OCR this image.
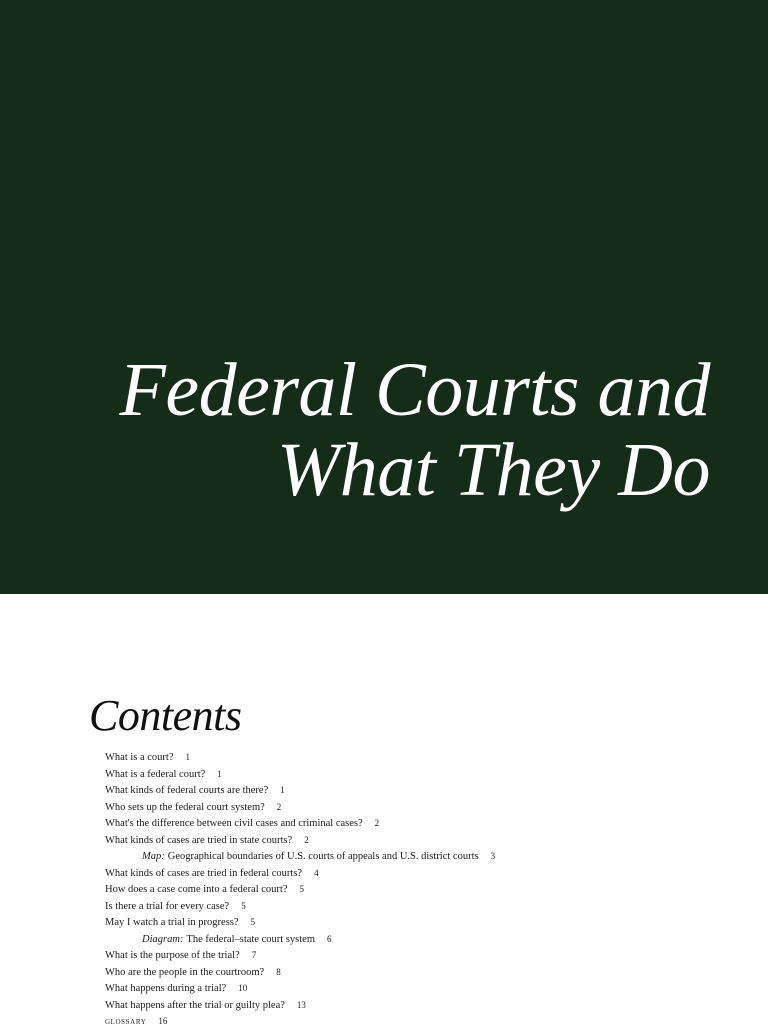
Federal Courts and
What They Do
Contents
What is a court? 1
What is a federal court? 1
What kinds of federal courts are there? 1
Who sets up the federal court system? 2
What's the difference between civil cases and criminal cases? 2
What kinds of cases are tried in state courts? 2
Map: Geographical boundaries of U.S. courts of appeals and U.S. district courts 3
What kinds of cases are tried in federal courts? 4
How does a case come into a federal court? 5
Is there a trial for every case? 5
May I watch a trial in progress? 5
Diagram: The federal–state court system 6
What is the purpose of the trial? 7
Who are the people in the courtroom? 8
What happens during a trial? 10
What happens after the trial or guilty plea? 13
glossary 16
